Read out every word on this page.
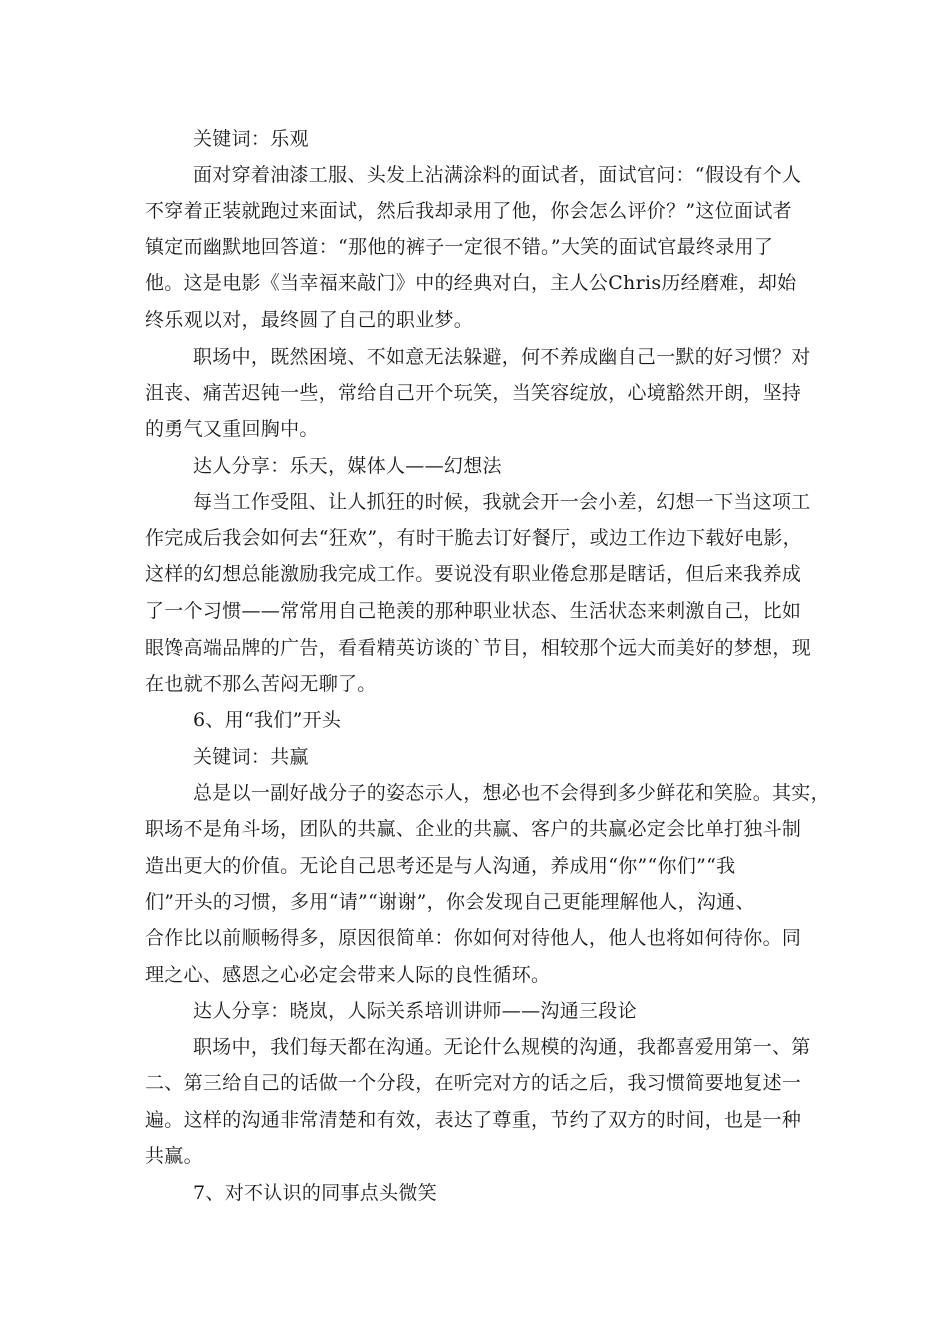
关键词：乐观
面对穿着油漆工服、头发上沾满涂料的面试者，面试官问：“假设有个人
不穿着正装就跑过来面试，然后我却录用了他，你会怎么评价？”这位面试者
镇定而幽默地回答道：“那他的裤子一定很不错。”大笑的面试官最终录用了
他。这是电影《当幸福来敲门》中的经典对白，主人公Chris历经磨难，却始
终乐观以对，最终圆了自己的职业梦。
职场中，既然困境、不如意无法躲避，何不养成幽自己一默的好习惯？对
沮丧、痛苦迟钝一些，常给自己开个玩笑，当笑容绽放，心境豁然开朗，坚持
的勇气又重回胸中。
达人分享：乐天，媒体人——幻想法
每当工作受阻、让人抓狂的时候，我就会开一会小差，幻想一下当这项工
作完成后我会如何去“狂欢”，有时干脆去订好餐厅，或边工作边下载好电影，
这样的幻想总能激励我完成工作。要说没有职业倦怠那是瞎话，但后来我养成
了一个习惯——常常用自己艳羡的那种职业状态、生活状态来刺激自己，比如
眼馋高端品牌的广告，看看精英访谈的`节目，相较那个远大而美好的梦想，现
在也就不那么苦闷无聊了。
6、用“我们”开头
关键词：共赢
总是以一副好战分子的姿态示人，想必也不会得到多少鲜花和笑脸。其实，
职场不是角斗场，团队的共赢、企业的共赢、客户的共赢必定会比单打独斗制
造出更大的价值。无论自己思考还是与人沟通，养成用“你”“你们”“我
们”开头的习惯，多用“请”“谢谢”，你会发现自己更能理解他人，沟通、
合作比以前顺畅得多，原因很简单：你如何对待他人，他人也将如何待你。同
理之心、感恩之心必定会带来人际的良性循环。
达人分享：晓岚，人际关系培训讲师——沟通三段论
职场中，我们每天都在沟通。无论什么规模的沟通，我都喜爱用第一、第
二、第三给自己的话做一个分段，在听完对方的话之后，我习惯简要地复述一
遍。这样的沟通非常清楚和有效，表达了尊重，节约了双方的时间，也是一种
共赢。
7、对不认识的同事点头微笑
